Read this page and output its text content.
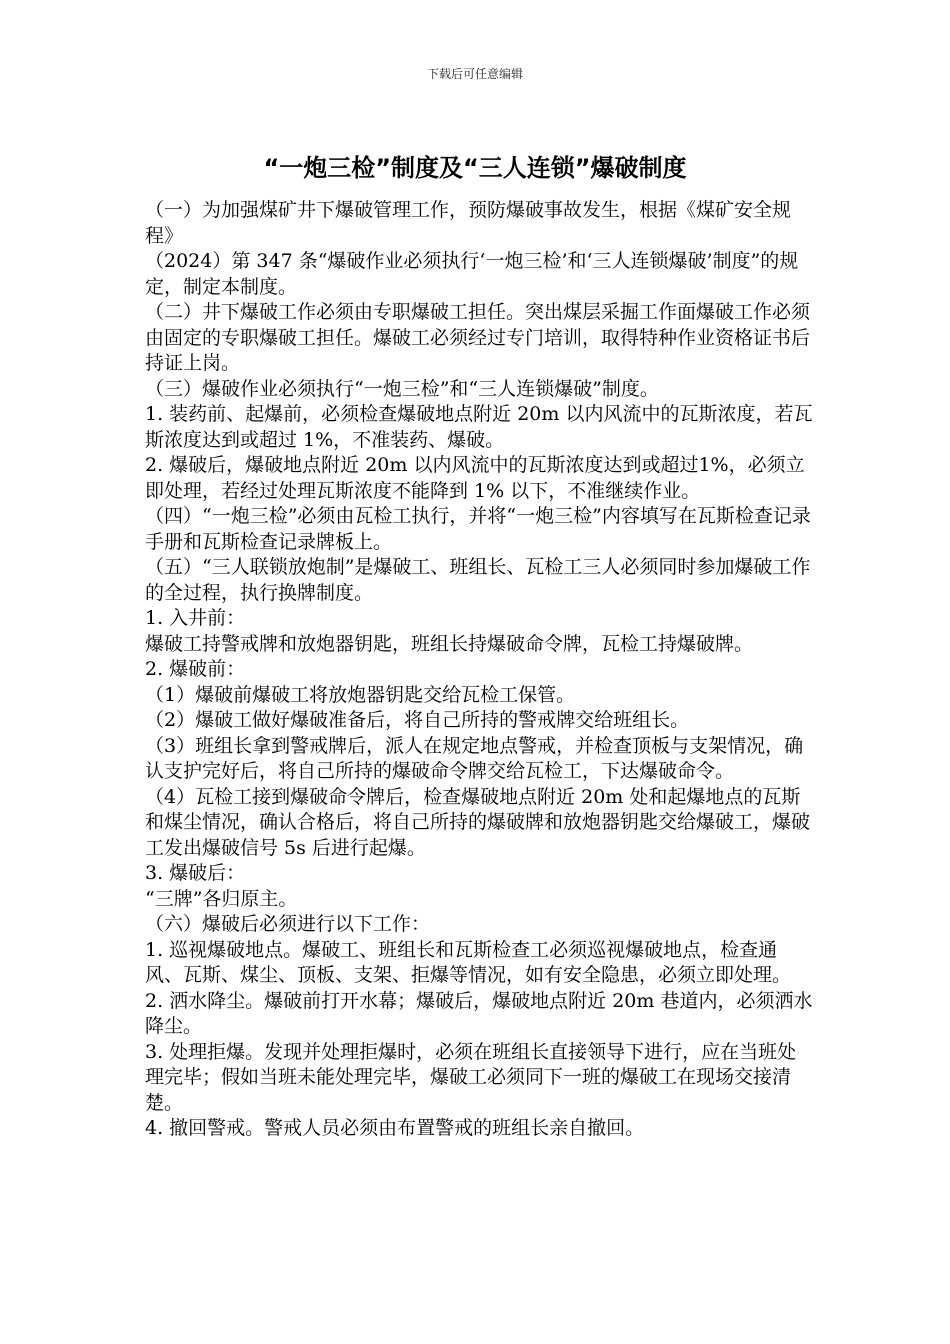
下载后可任意编辑
“一炮三检”制度及“三人连锁”爆破制度

（一）为加强煤矿井下爆破管理工作，预防爆破事故发生，根据《煤矿安全规程》

（2024）第 347 条“爆破作业必须执行‘一炮三检’和‘三人连锁爆破’制度”的规定，制定本制度。

（二）井下爆破工作必须由专职爆破工担任。突出煤层采掘工作面爆破工作必须由固定的专职爆破工担任。爆破工必须经过专门培训，取得特种作业资格证书后持证上岗。

（三）爆破作业必须执行“一炮三检”和“三人连锁爆破”制度。

1. 装药前、起爆前，必须检查爆破地点附近 20m 以内风流中的瓦斯浓度，若瓦斯浓度达到或超过 1%，不准装药、爆破。

2. 爆破后，爆破地点附近 20m 以内风流中的瓦斯浓度达到或超过1%，必须立即处理，若经过处理瓦斯浓度不能降到 1% 以下，不准继续作业。

（四）“一炮三检”必须由瓦检工执行，并将“一炮三检”内容填写在瓦斯检查记录手册和瓦斯检查记录牌板上。

（五）“三人联锁放炮制”是爆破工、班组长、瓦检工三人必须同时参加爆破工作的全过程，执行换牌制度。

1. 入井前：

爆破工持警戒牌和放炮器钥匙，班组长持爆破命令牌，瓦检工持爆破牌。

2. 爆破前：

（1）爆破前爆破工将放炮器钥匙交给瓦检工保管。

（2）爆破工做好爆破准备后，将自己所持的警戒牌交给班组长。

（3）班组长拿到警戒牌后，派人在规定地点警戒，并检查顶板与支架情况，确认支护完好后，将自己所持的爆破命令牌交给瓦检工，下达爆破命令。

（4）瓦检工接到爆破命令牌后，检查爆破地点附近 20m 处和起爆地点的瓦斯和煤尘情况，确认合格后，将自己所持的爆破牌和放炮器钥匙交给爆破工，爆破工发出爆破信号 5s 后进行起爆。

3. 爆破后：

“三牌”各归原主。

（六）爆破后必须进行以下工作：

1. 巡视爆破地点。爆破工、班组长和瓦斯检查工必须巡视爆破地点，检查通风、瓦斯、煤尘、顶板、支架、拒爆等情况，如有安全隐患，必须立即处理。

2. 洒水降尘。爆破前打开水幕；爆破后，爆破地点附近 20m 巷道内，必须洒水降尘。

3. 处理拒爆。发现并处理拒爆时，必须在班组长直接领导下进行，应在当班处理完毕；假如当班未能处理完毕，爆破工必须同下一班的爆破工在现场交接清楚。

4. 撤回警戒。警戒人员必须由布置警戒的班组长亲自撤回。
